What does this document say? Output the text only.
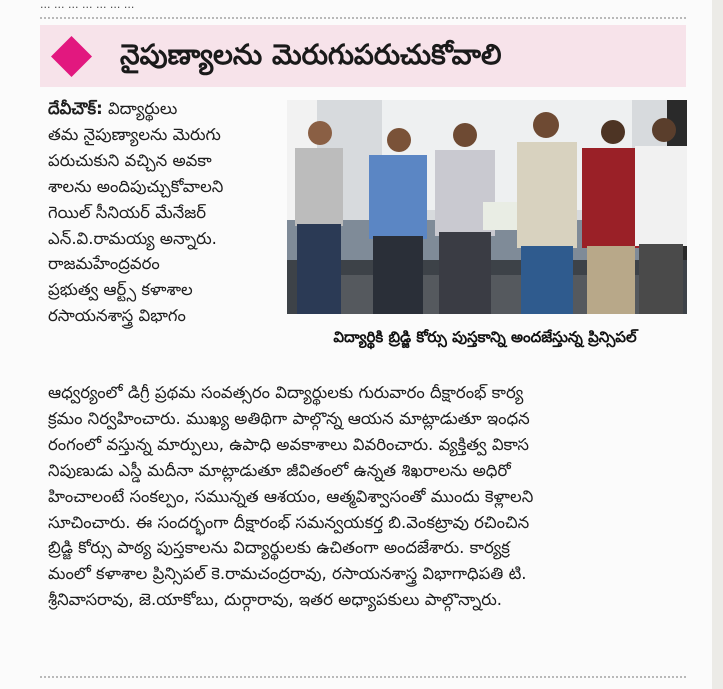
... ... ... ... ... ... ...
నైపుణ్యాలను మెరుగుపరుచుకోవాలి

దేవీచౌక్: విద్యార్థులు

తమ నైపుణ్యాలను మెరుగు

పరుచుకుని వచ్చిన అవకా

శాలను అందిపుచ్చుకోవాలని

గెయిల్ సీనియర్ మేనేజర్

ఎన్.వి.రామయ్య అన్నారు.

రాజమహేంద్రవరం

ప్రభుత్వ ఆర్ట్స్ కళాశాల

రసాయనశాస్త్ర విభాగం

విద్యార్థికి బ్రిడ్జి కోర్సు పుస్తకాన్ని అందజేస్తున్న ప్రిన్సిపల్

ఆధ్వర్యంలో డిగ్రీ ప్రథమ సంవత్సరం విద్యార్థులకు గురువారం దీక్షారంభ్ కార్య

క్రమం నిర్వహించారు. ముఖ్య అతిథిగా పాల్గొన్న ఆయన మాట్లాడుతూ ఇంధన

రంగంలో వస్తున్న మార్పులు, ఉపాధి అవకాశాలు వివరించారు. వ్యక్తిత్వ వికాస

నిపుణుడు ఎస్డీ మదీనా మాట్లాడుతూ జీవితంలో ఉన్నత శిఖరాలను అధిరో

హించాలంటే సంకల్పం, సమున్నత ఆశయం, ఆత్మవిశ్వాసంతో ముందు కెళ్లాలని

సూచించారు. ఈ సందర్భంగా దీక్షారంభ్ సమన్వయకర్త బి.వెంకట్రావు రచించిన

బ్రిడ్జి కోర్సు పాఠ్య పుస్తకాలను విద్యార్థులకు ఉచితంగా అందజేశారు. కార్యక్ర

మంలో కళాశాల ప్రిన్సిపల్ కె.రామచంద్రరావు, రసాయనశాస్త్ర విభాగాధిపతి టి.

శ్రీనివాసరావు, జె.యాకోబు, దుర్గారావు, ఇతర అధ్యాపకులు పాల్గొన్నారు.
